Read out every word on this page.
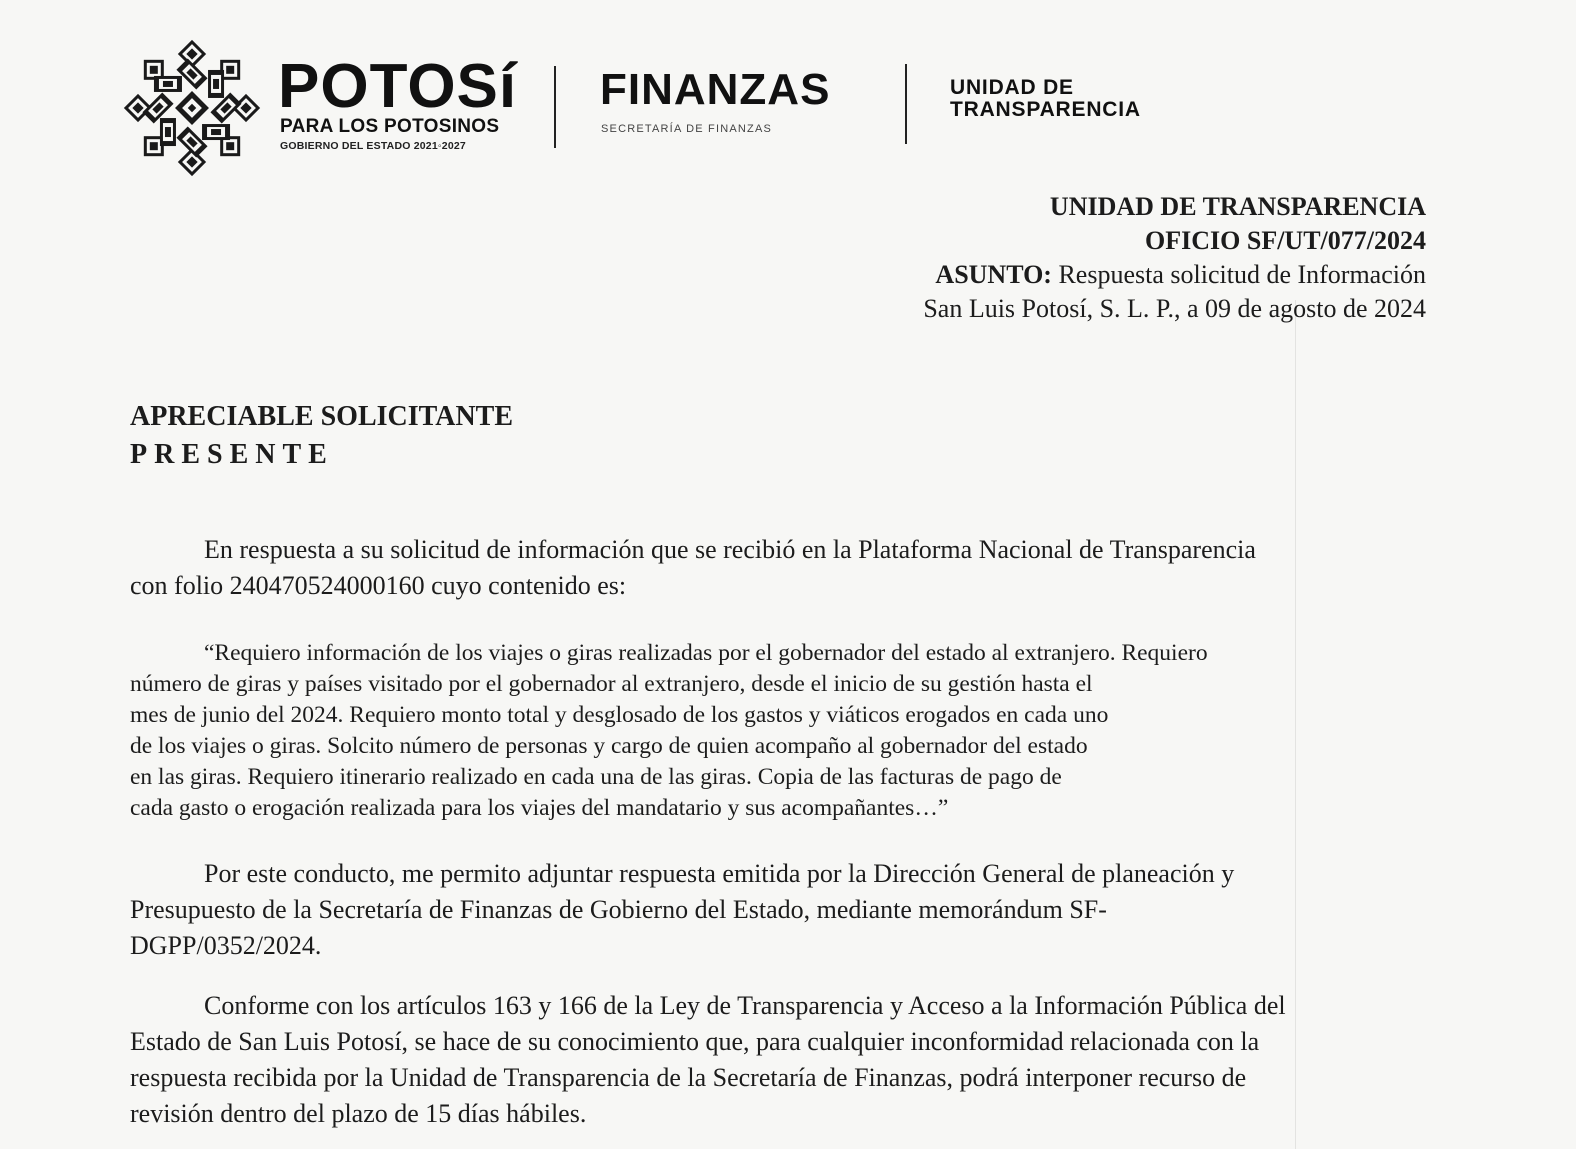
POTOSí
PARA LOS POTOSINOS
GOBIERNO DEL ESTADO 2021◦2027
FINANZAS
SECRETARÍA DE FINANZAS
UNIDAD DE
TRANSPARENCIA
UNIDAD DE TRANSPARENCIA
OFICIO SF/UT/077/2024
ASUNTO: Respuesta solicitud de Información
San Luis Potosí, S. L. P., a 09 de agosto de 2024
APRECIABLE SOLICITANTE
PRESENTE
En respuesta a su solicitud de información que se recibió en la Plataforma Nacional de Transparencia
con folio 240470524000160 cuyo contenido es:
“Requiero información de los viajes o giras realizadas por el gobernador del estado al extranjero. Requiero
número de giras y países visitado por el gobernador al extranjero, desde el inicio de su gestión hasta el
mes de junio del 2024. Requiero monto total y desglosado de los gastos y viáticos erogados en cada uno
de los viajes o giras. Solcito número de personas y cargo de quien acompaño al gobernador del estado
en las giras. Requiero itinerario realizado en cada una de las giras. Copia de las facturas de pago de
cada gasto o erogación realizada para los viajes del mandatario y sus acompañantes…”
Por este conducto, me permito adjuntar respuesta emitida por la Dirección General de planeación y
Presupuesto de la Secretaría de Finanzas de Gobierno del Estado, mediante memorándum SF-
DGPP/0352/2024.
Conforme con los artículos 163 y 166 de la Ley de Transparencia y Acceso a la Información Pública del
Estado de San Luis Potosí, se hace de su conocimiento que, para cualquier inconformidad relacionada con la
respuesta recibida por la Unidad de Transparencia de la Secretaría de Finanzas, podrá interponer recurso de
revisión dentro del plazo de 15 días hábiles.
